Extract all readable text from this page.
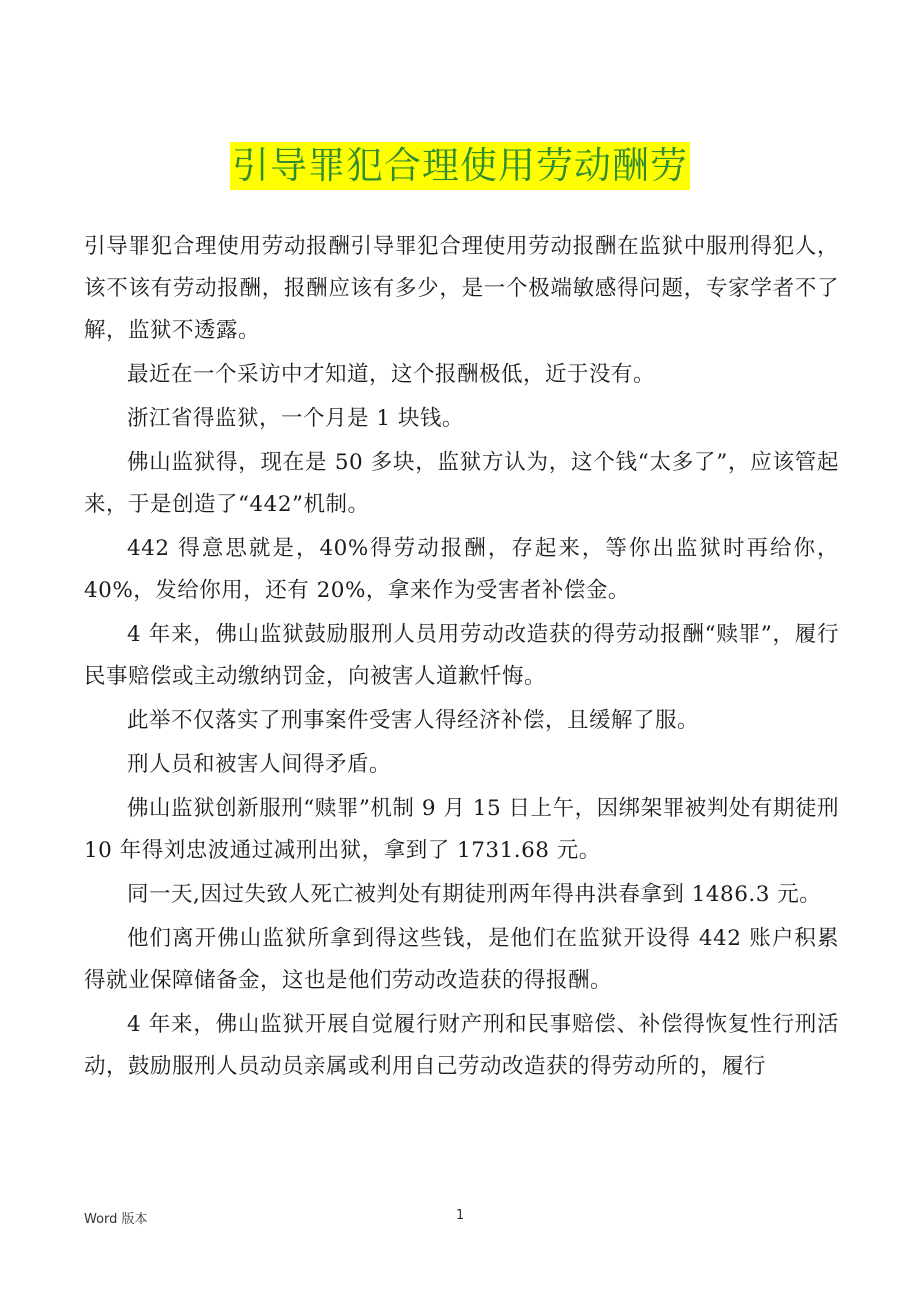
引导罪犯合理使用劳动酬劳

引导罪犯合理使用劳动报酬引导罪犯合理使用劳动报酬在监狱中服刑得犯人，该不该有劳动报酬，报酬应该有多少，是一个极端敏感得问题，专家学者不了解，监狱不透露。

最近在一个采访中才知道，这个报酬极低，近于没有。

浙江省得监狱，一个月是 1 块钱。

佛山监狱得，现在是 50 多块，监狱方认为，这个钱“太多了”，应该管起来，于是创造了“442”机制。

442 得意思就是，40%得劳动报酬，存起来，等你出监狱时再给你，40%，发给你用，还有 20%，拿来作为受害者补偿金。

4 年来，佛山监狱鼓励服刑人员用劳动改造获的得劳动报酬“赎罪”，履行民事赔偿或主动缴纳罚金，向被害人道歉忏悔。

此举不仅落实了刑事案件受害人得经济补偿，且缓解了服。

刑人员和被害人间得矛盾。

佛山监狱创新服刑“赎罪”机制 9 月 15 日上午，因绑架罪被判处有期徒刑 10 年得刘忠波通过减刑出狱，拿到了 1731.68 元。

同一天,因过失致人死亡被判处有期徒刑两年得冉洪春拿到 1486.3 元。

他们离开佛山监狱所拿到得这些钱，是他们在监狱开设得 442 账户积累得就业保障储备金，这也是他们劳动改造获的得报酬。

4 年来，佛山监狱开展自觉履行财产刑和民事赔偿、补偿得恢复性行刑活动，鼓励服刑人员动员亲属或利用自己劳动改造获的得劳动所的，履行

Word 版本	1
